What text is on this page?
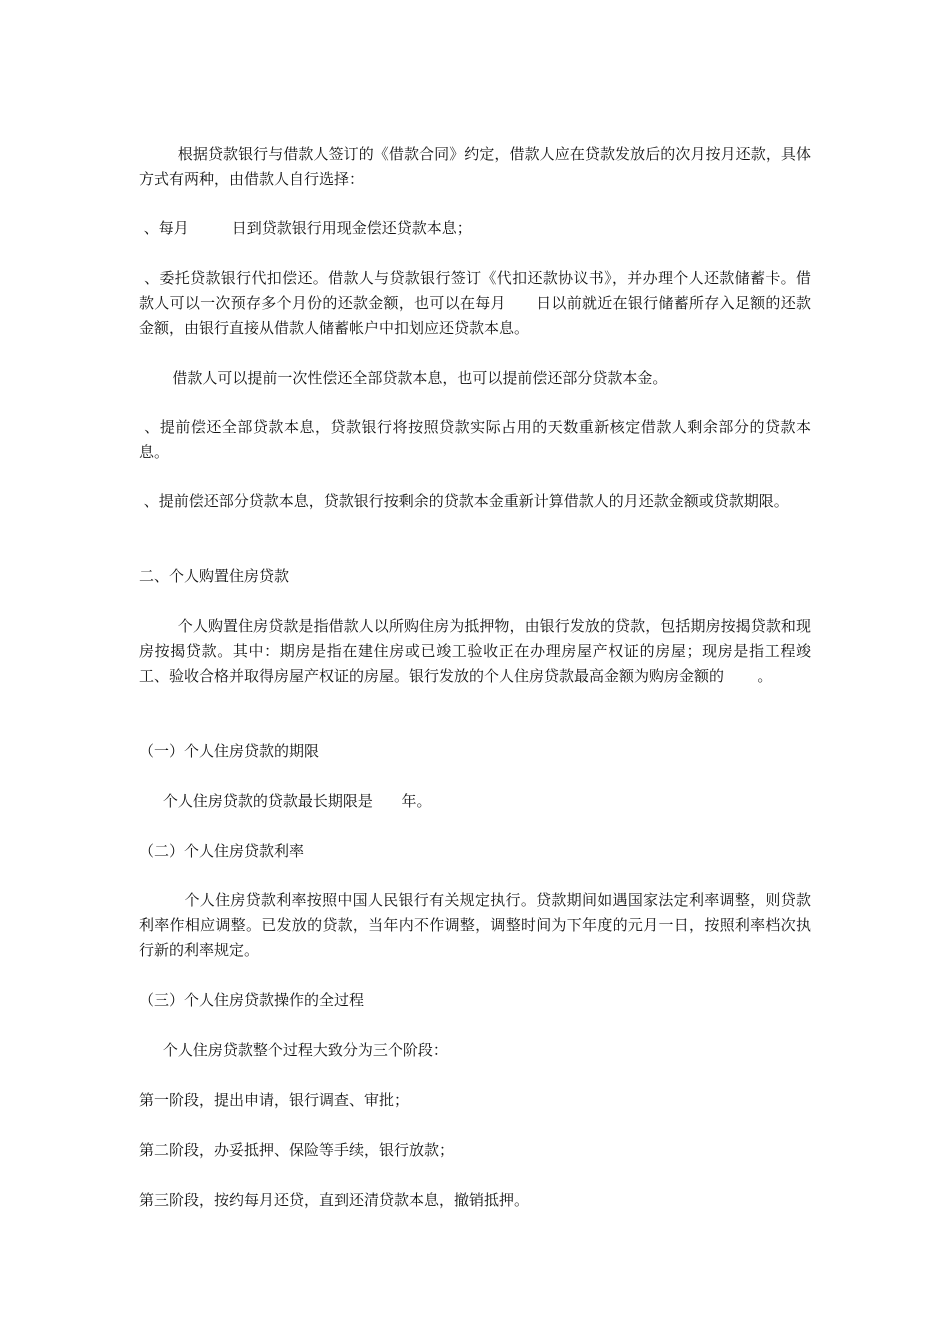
根据贷款银行与借款人签订的《借款合同》约定，借款人应在贷款发放后的次月按月还款，具体方式有两种，由借款人自行选择：

、每月         日到贷款银行用现金偿还贷款本息；

、委托贷款银行代扣偿还。借款人与贷款银行签订《代扣还款协议书》，并办理个人还款储蓄卡。借款人可以一次预存多个月份的还款金额，也可以在每月      日以前就近在银行储蓄所存入足额的还款金额，由银行直接从借款人储蓄帐户中扣划应还贷款本息。

借款人可以提前一次性偿还全部贷款本息，也可以提前偿还部分贷款本金。

、提前偿还全部贷款本息，贷款银行将按照贷款实际占用的天数重新核定借款人剩余部分的贷款本息。

、提前偿还部分贷款本息，贷款银行按剩余的贷款本金重新计算借款人的月还款金额或贷款期限。

二、个人购置住房贷款

个人购置住房贷款是指借款人以所购住房为抵押物，由银行发放的贷款，包括期房按揭贷款和现房按揭贷款。其中：期房是指在建住房或已竣工验收正在办理房屋产权证的房屋；现房是指工程竣工、验收合格并取得房屋产权证的房屋。银行发放的个人住房贷款最高金额为购房金额的       。

（一）个人住房贷款的期限

个人住房贷款的贷款最长期限是      年。

（二）个人住房贷款利率

个人住房贷款利率按照中国人民银行有关规定执行。贷款期间如遇国家法定利率调整，则贷款利率作相应调整。已发放的贷款，当年内不作调整，调整时间为下年度的元月一日，按照利率档次执行新的利率规定。

（三）个人住房贷款操作的全过程

个人住房贷款整个过程大致分为三个阶段：

第一阶段，提出申请，银行调查、审批；

第二阶段，办妥抵押、保险等手续，银行放款；

第三阶段，按约每月还贷，直到还清贷款本息，撤销抵押。
